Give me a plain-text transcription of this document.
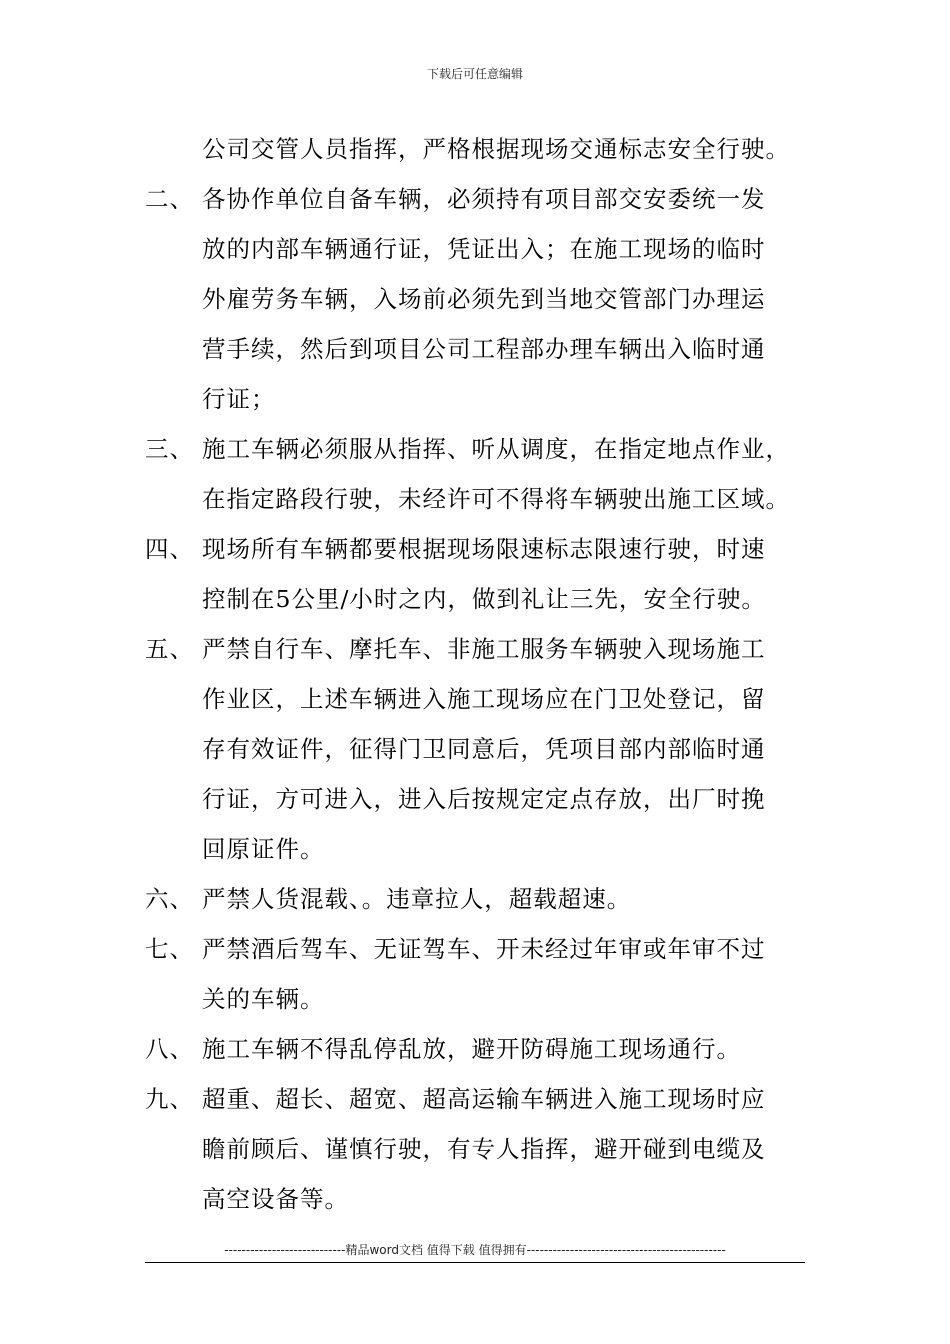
下载后可任意编辑
公司交管人员指挥，严格根据现场交通标志安全行驶。
二、 各协作单位自备车辆，必须持有项目部交安委统一发
放的内部车辆通行证，凭证出入；在施工现场的临时
外雇劳务车辆，入场前必须先到当地交管部门办理运
营手续，然后到项目公司工程部办理车辆出入临时通
行证；
三、 施工车辆必须服从指挥、听从调度，在指定地点作业，
在指定路段行驶，未经许可不得将车辆驶出施工区域。
四、 现场所有车辆都要根据现场限速标志限速行驶，时速
控制在5公里/小时之内，做到礼让三先，安全行驶。
五、 严禁自行车、摩托车、非施工服务车辆驶入现场施工
作业区，上述车辆进入施工现场应在门卫处登记，留
存有效证件，征得门卫同意后，凭项目部内部临时通
行证，方可进入，进入后按规定定点存放，出厂时挽
回原证件。
六、 严禁人货混载、。违章拉人，超载超速。
七、 严禁酒后驾车、无证驾车、开未经过年审或年审不过
关的车辆。
八、 施工车辆不得乱停乱放，避开防碍施工现场通行。
九、 超重、超长、超宽、超高运输车辆进入施工现场时应
瞻前顾后、谨慎行驶，有专人指挥，避开碰到电缆及
高空设备等。
----------------------------精品word文档 值得下载 值得拥有----------------------------------------------
